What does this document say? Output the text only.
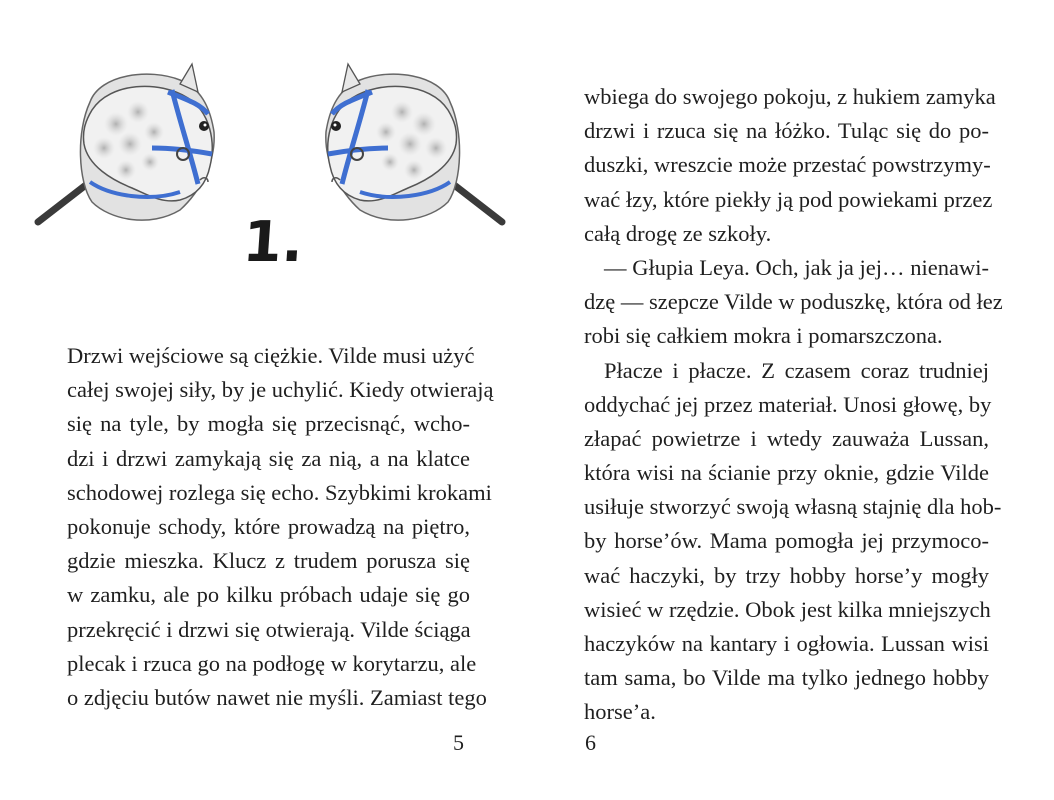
1.
Drzwi wejściowe są ciężkie. Vilde musi użyć
całej swojej siły, by je uchylić. Kiedy otwierają
się na tyle, by mogła się przecisnąć, wcho-
dzi i drzwi zamykają się za nią, a na klatce
schodowej rozlega się echo. Szybkimi krokami
pokonuje schody, które prowadzą na piętro,
gdzie mieszka. Klucz z trudem porusza się
w zamku, ale po kilku próbach udaje się go
przekręcić i drzwi się otwierają. Vilde ściąga
plecak i rzuca go na podłogę w korytarzu, ale
o zdjęciu butów nawet nie myśli. Zamiast tego
5
wbiega do swojego pokoju, z hukiem zamyka
drzwi i rzuca się na łóżko. Tuląc się do po-
duszki, wreszcie może przestać powstrzymy-
wać łzy, które piekły ją pod powiekami przez
całą drogę ze szkoły.
— Głupia Leya. Och, jak ja jej… nienawi-
dzę — szepcze Vilde w poduszkę, która od łez
robi się całkiem mokra i pomarszczona.
Płacze i płacze. Z czasem coraz trudniej
oddychać jej przez materiał. Unosi głowę, by
złapać powietrze i wtedy zauważa Lussan,
która wisi na ścianie przy oknie, gdzie Vilde
usiłuje stworzyć swoją własną stajnię dla hob-
by horse’ów. Mama pomogła jej przymoco-
wać haczyki, by trzy hobby horse’y mogły
wisieć w rzędzie. Obok jest kilka mniejszych
haczyków na kantary i ogłowia. Lussan wisi
tam sama, bo Vilde ma tylko jednego hobby
horse’a.
6
